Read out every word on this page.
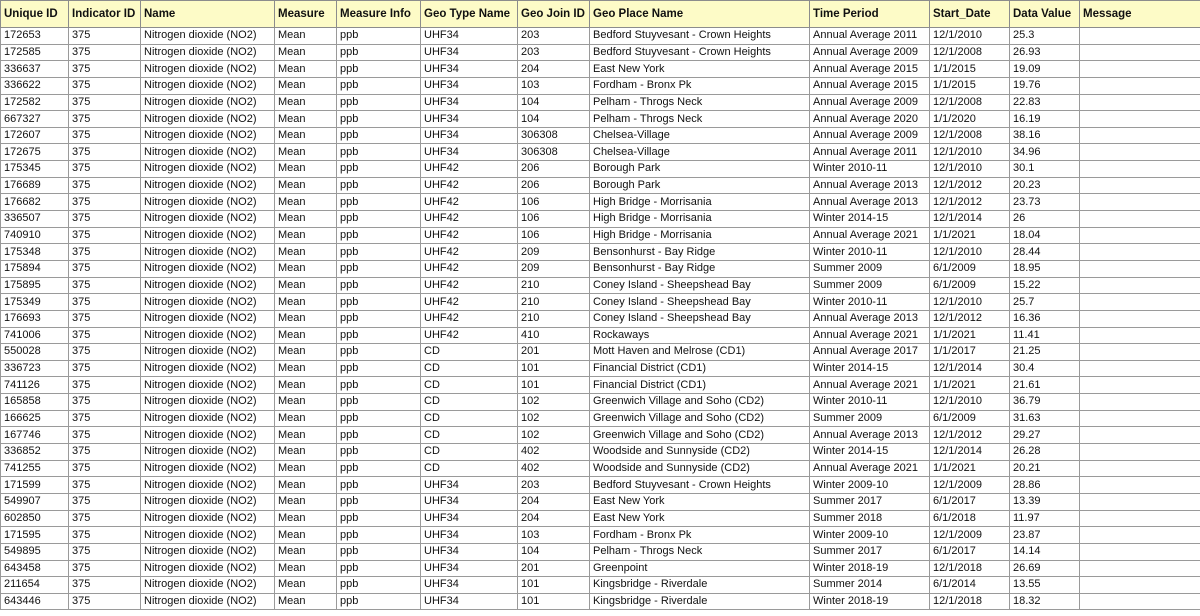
Unique ID	Indicator ID	Name	Measure	Measure Info	Geo Type Name	Geo Join ID	Geo Place Name	Time Period	Start_Date	Data Value	Message
172653	375	Nitrogen dioxide (NO2)	Mean	ppb	UHF34	203	Bedford Stuyvesant - Crown Heights	Annual Average 2011	12/1/2010	25.3	
172585	375	Nitrogen dioxide (NO2)	Mean	ppb	UHF34	203	Bedford Stuyvesant - Crown Heights	Annual Average 2009	12/1/2008	26.93	
336637	375	Nitrogen dioxide (NO2)	Mean	ppb	UHF34	204	East New York	Annual Average 2015	1/1/2015	19.09	
336622	375	Nitrogen dioxide (NO2)	Mean	ppb	UHF34	103	Fordham - Bronx Pk	Annual Average 2015	1/1/2015	19.76	
172582	375	Nitrogen dioxide (NO2)	Mean	ppb	UHF34	104	Pelham - Throgs Neck	Annual Average 2009	12/1/2008	22.83	
667327	375	Nitrogen dioxide (NO2)	Mean	ppb	UHF34	104	Pelham - Throgs Neck	Annual Average 2020	1/1/2020	16.19	
172607	375	Nitrogen dioxide (NO2)	Mean	ppb	UHF34	306308	Chelsea-Village	Annual Average 2009	12/1/2008	38.16	
172675	375	Nitrogen dioxide (NO2)	Mean	ppb	UHF34	306308	Chelsea-Village	Annual Average 2011	12/1/2010	34.96	
175345	375	Nitrogen dioxide (NO2)	Mean	ppb	UHF42	206	Borough Park	Winter 2010-11	12/1/2010	30.1	
176689	375	Nitrogen dioxide (NO2)	Mean	ppb	UHF42	206	Borough Park	Annual Average 2013	12/1/2012	20.23	
176682	375	Nitrogen dioxide (NO2)	Mean	ppb	UHF42	106	High Bridge - Morrisania	Annual Average 2013	12/1/2012	23.73	
336507	375	Nitrogen dioxide (NO2)	Mean	ppb	UHF42	106	High Bridge - Morrisania	Winter 2014-15	12/1/2014	26	
740910	375	Nitrogen dioxide (NO2)	Mean	ppb	UHF42	106	High Bridge - Morrisania	Annual Average 2021	1/1/2021	18.04	
175348	375	Nitrogen dioxide (NO2)	Mean	ppb	UHF42	209	Bensonhurst - Bay Ridge	Winter 2010-11	12/1/2010	28.44	
175894	375	Nitrogen dioxide (NO2)	Mean	ppb	UHF42	209	Bensonhurst - Bay Ridge	Summer 2009	6/1/2009	18.95	
175895	375	Nitrogen dioxide (NO2)	Mean	ppb	UHF42	210	Coney Island - Sheepshead Bay	Summer 2009	6/1/2009	15.22	
175349	375	Nitrogen dioxide (NO2)	Mean	ppb	UHF42	210	Coney Island - Sheepshead Bay	Winter 2010-11	12/1/2010	25.7	
176693	375	Nitrogen dioxide (NO2)	Mean	ppb	UHF42	210	Coney Island - Sheepshead Bay	Annual Average 2013	12/1/2012	16.36	
741006	375	Nitrogen dioxide (NO2)	Mean	ppb	UHF42	410	Rockaways	Annual Average 2021	1/1/2021	11.41	
550028	375	Nitrogen dioxide (NO2)	Mean	ppb	CD	201	Mott Haven and Melrose (CD1)	Annual Average 2017	1/1/2017	21.25	
336723	375	Nitrogen dioxide (NO2)	Mean	ppb	CD	101	Financial District (CD1)	Winter 2014-15	12/1/2014	30.4	
741126	375	Nitrogen dioxide (NO2)	Mean	ppb	CD	101	Financial District (CD1)	Annual Average 2021	1/1/2021	21.61	
165858	375	Nitrogen dioxide (NO2)	Mean	ppb	CD	102	Greenwich Village and Soho (CD2)	Winter 2010-11	12/1/2010	36.79	
166625	375	Nitrogen dioxide (NO2)	Mean	ppb	CD	102	Greenwich Village and Soho (CD2)	Summer 2009	6/1/2009	31.63	
167746	375	Nitrogen dioxide (NO2)	Mean	ppb	CD	102	Greenwich Village and Soho (CD2)	Annual Average 2013	12/1/2012	29.27	
336852	375	Nitrogen dioxide (NO2)	Mean	ppb	CD	402	Woodside and Sunnyside (CD2)	Winter 2014-15	12/1/2014	26.28	
741255	375	Nitrogen dioxide (NO2)	Mean	ppb	CD	402	Woodside and Sunnyside (CD2)	Annual Average 2021	1/1/2021	20.21	
171599	375	Nitrogen dioxide (NO2)	Mean	ppb	UHF34	203	Bedford Stuyvesant - Crown Heights	Winter 2009-10	12/1/2009	28.86	
549907	375	Nitrogen dioxide (NO2)	Mean	ppb	UHF34	204	East New York	Summer 2017	6/1/2017	13.39	
602850	375	Nitrogen dioxide (NO2)	Mean	ppb	UHF34	204	East New York	Summer 2018	6/1/2018	11.97	
171595	375	Nitrogen dioxide (NO2)	Mean	ppb	UHF34	103	Fordham - Bronx Pk	Winter 2009-10	12/1/2009	23.87	
549895	375	Nitrogen dioxide (NO2)	Mean	ppb	UHF34	104	Pelham - Throgs Neck	Summer 2017	6/1/2017	14.14	
643458	375	Nitrogen dioxide (NO2)	Mean	ppb	UHF34	201	Greenpoint	Winter 2018-19	12/1/2018	26.69	
211654	375	Nitrogen dioxide (NO2)	Mean	ppb	UHF34	101	Kingsbridge - Riverdale	Summer 2014	6/1/2014	13.55	
643446	375	Nitrogen dioxide (NO2)	Mean	ppb	UHF34	101	Kingsbridge - Riverdale	Winter 2018-19	12/1/2018	18.32	
